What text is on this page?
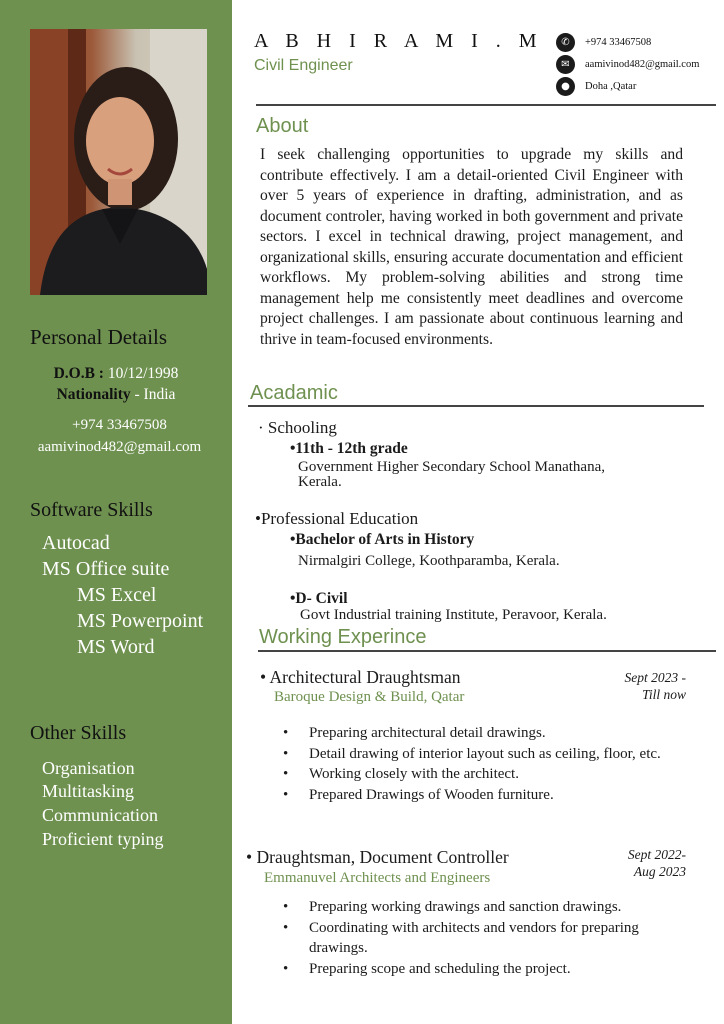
Personal Details
D.O.B : 10/12/1998
Nationality - India
+974 33467508
aamivinod482@gmail.com
Software Skills
Autocad
MS Office suite
MS Excel
MS Powerpoint
MS Word
Other Skills
Organisation
Multitasking
Communication
Proficient typing
A B H I R A M I . M
Civil Engineer
✆	+974 33467508
✉	aamivinod482@gmail.com
●	Doha ,Qatar
About
I seek challenging opportunities to upgrade my skills and contribute effectively. I am a detail-oriented Civil Engineer with over 5 years of experience in drafting, administration, and as document controler, having worked in both government and private sectors. I excel in technical drawing, project management, and organizational skills, ensuring accurate documentation and efficient workflows. My problem-solving abilities and strong time management help me consistently meet deadlines and overcome project challenges. I am passionate about continuous learning and thrive in team-focused environments.
Acadamic
· Schooling
•11th - 12th grade
Government Higher Secondary School Manathana,
Kerala.
•Professional Education
•Bachelor of Arts in History
Nirmalgiri College, Koothparamba, Kerala.
•D- Civil
Govt Industrial training Institute, Peravoor, Kerala.
Working Experince
• Architectural Draughtsman
Baroque Design & Build, Qatar
Sept 2023 -
Till now
• Preparing architectural detail drawings.
• Detail drawing of interior layout such as ceiling, floor, etc.
• Working closely with the architect.
• Prepared Drawings of Wooden furniture.
• Draughtsman, Document Controller
Emmanuvel Architects and Engineers
Sept 2022-
Aug 2023
• Preparing working drawings and sanction drawings.
• Coordinating with architects and vendors for preparing drawings.
• Preparing scope and scheduling the project.
